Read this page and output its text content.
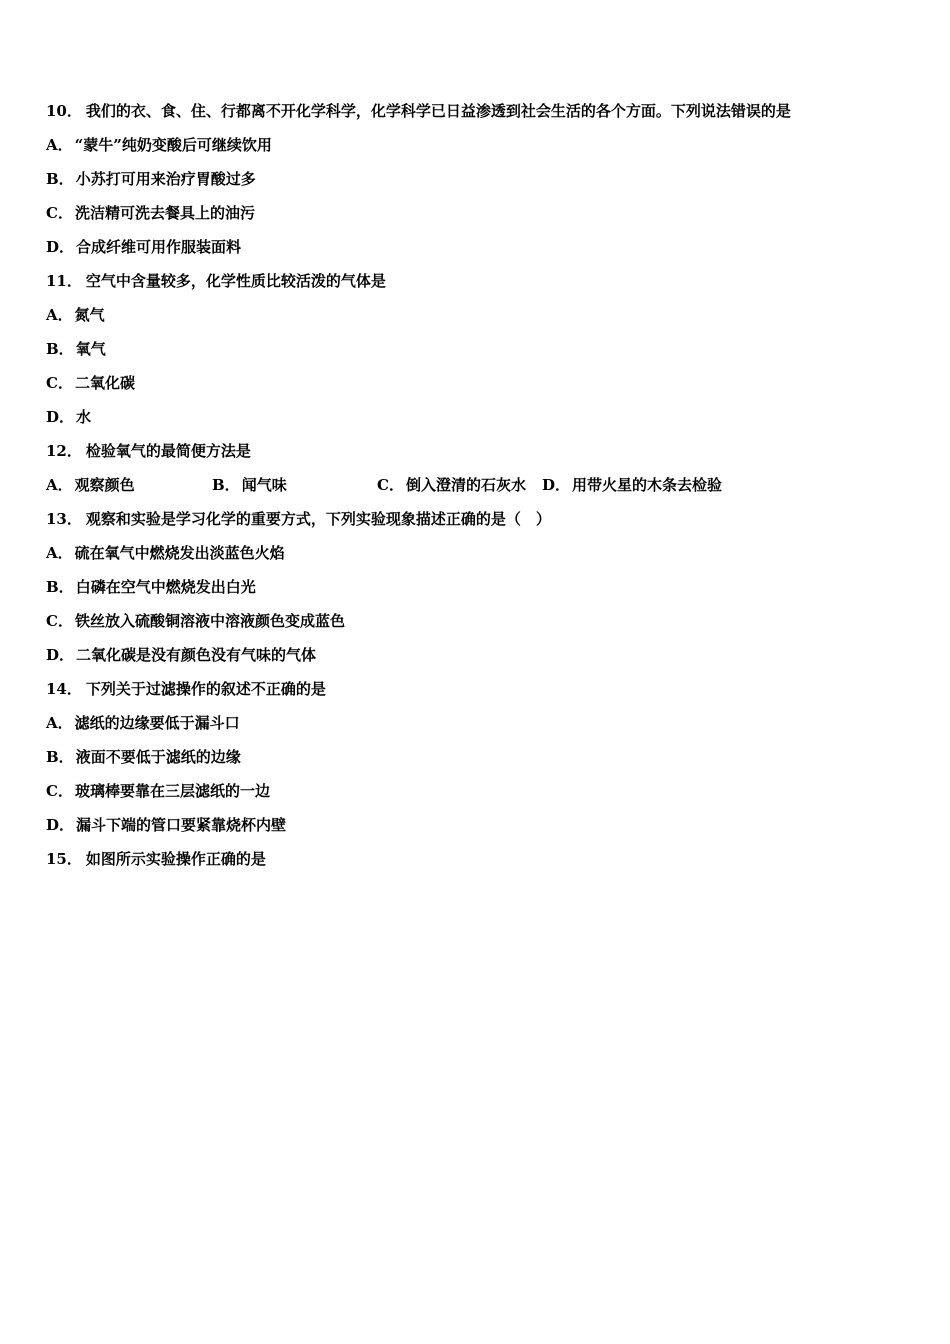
10． 我们的衣、食、住、行都离不开化学科学，化学科学已日益渗透到社会生活的各个方面。下列说法错误的是
A． “蒙牛”纯奶变酸后可继续饮用
B． 小苏打可用来治疗胃酸过多
C． 洗洁精可洗去餐具上的油污
D． 合成纤维可用作服装面料
11． 空气中含量较多，化学性质比较活泼的气体是
A． 氮气
B． 氧气
C． 二氧化碳
D． 水
12． 检验氧气的最简便方法是
A． 观察颜色	B． 闻气味	C． 倒入澄清的石灰水 D． 用带火星的木条去检验
13． 观察和实验是学习化学的重要方式，下列实验现象描述正确的是（　）
A． 硫在氧气中燃烧发出淡蓝色火焰
B． 白磷在空气中燃烧发出白光
C． 铁丝放入硫酸铜溶液中溶液颜色变成蓝色
D． 二氧化碳是没有颜色没有气味的气体
14． 下列关于过滤操作的叙述不正确的是
A． 滤纸的边缘要低于漏斗口
B． 液面不要低于滤纸的边缘
C． 玻璃棒要靠在三层滤纸的一边
D． 漏斗下端的管口要紧靠烧杯内壁
15． 如图所示实验操作正确的是
